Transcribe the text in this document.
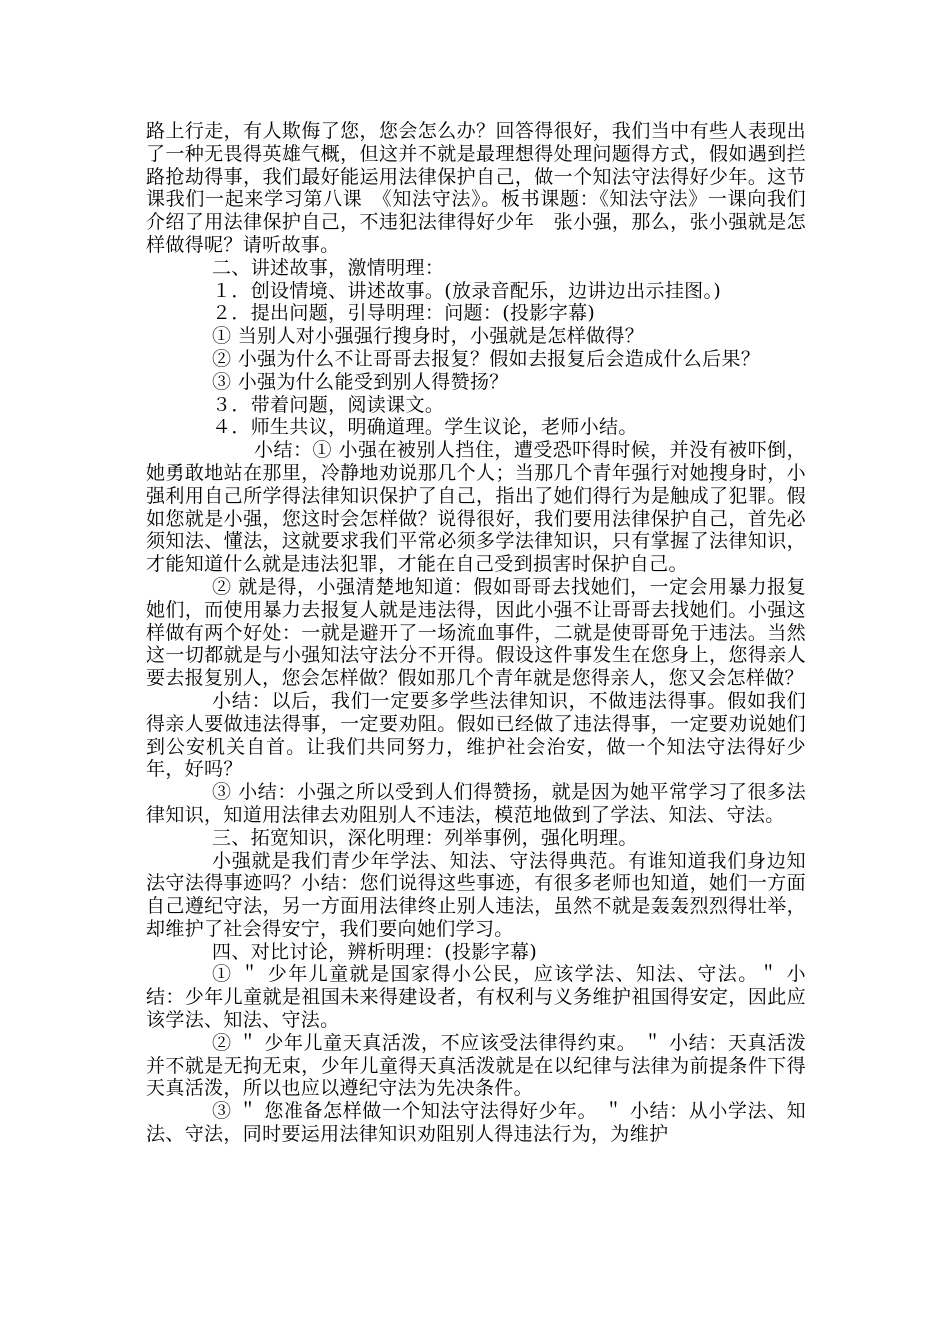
路上行走，有人欺侮了您，您会怎么办？回答得很好，我们当中有些人表现出了一种无畏得英雄气概，但这并不就是最理想得处理问题得方式，假如遇到拦路抢劫得事，我们最好能运用法律保护自己，做一个知法守法得好少年。这节课我们一起来学习第八课　《知法守法》。板书课题：《知法守法》一课向我们介绍了用法律保护自己，不违犯法律得好少年　张小强，那么，张小强就是怎样做得呢？请听故事。

二、讲述故事，激情明理：

１．创设情境、讲述故事。(放录音配乐，边讲边出示挂图。)

２．提出问题，引导明理：问题：(投影字幕)

① 当别人对小强强行搜身时，小强就是怎样做得？

② 小强为什么不让哥哥去报复？假如去报复后会造成什么后果？

③ 小强为什么能受到别人得赞扬？

３．带着问题，阅读课文。

４．师生共议，明确道理。学生议论，老师小结。

小结：① 小强在被别人挡住，遭受恐吓得时候，并没有被吓倒，她勇敢地站在那里，冷静地劝说那几个人；当那几个青年强行对她搜身时，小强利用自己所学得法律知识保护了自己，指出了她们得行为是触成了犯罪。假如您就是小强，您这时会怎样做？说得很好，我们要用法律保护自己，首先必须知法、懂法，这就要求我们平常必须多学法律知识，只有掌握了法律知识，才能知道什么就是违法犯罪，才能在自己受到损害时保护自己。

② 就是得，小强清楚地知道：假如哥哥去找她们，一定会用暴力报复她们，而使用暴力去报复人就是违法得，因此小强不让哥哥去找她们。小强这样做有两个好处：一就是避开了一场流血事件，二就是使哥哥免于违法。当然这一切都就是与小强知法守法分不开得。假设这件事发生在您身上，您得亲人要去报复别人，您会怎样做？假如那几个青年就是您得亲人，您又会怎样做？

小结：以后，我们一定要多学些法律知识，不做违法得事。假如我们得亲人要做违法得事，一定要劝阻。假如已经做了违法得事，一定要劝说她们到公安机关自首。让我们共同努力，维护社会治安，做一个知法守法得好少年，好吗？

③ 小结：小强之所以受到人们得赞扬，就是因为她平常学习了很多法律知识，知道用法律去劝阻别人不违法，模范地做到了学法、知法、守法。

三、拓宽知识，深化明理：列举事例，强化明理。

小强就是我们青少年学法、知法、守法得典范。有谁知道我们身边知法守法得事迹吗？小结：您们说得这些事迹，有很多老师也知道，她们一方面自己遵纪守法，另一方面用法律终止别人违法，虽然不就是轰轰烈烈得壮举，却维护了社会得安宁，我们要向她们学习。

四、对比讨论，辨析明理：(投影字幕)

① ＂ 少年儿童就是国家得小公民，应该学法、知法、守法。＂ 小结：少年儿童就是祖国未来得建设者，有权利与义务维护祖国得安定，因此应该学法、知法、守法。

② ＂ 少年儿童天真活泼，不应该受法律得约束。 ＂ 小结：天真活泼并不就是无拘无束，少年儿童得天真活泼就是在以纪律与法律为前提条件下得天真活泼，所以也应以遵纪守法为先决条件。

③ ＂ 您准备怎样做一个知法守法得好少年。 ＂ 小结：从小学法、知法、守法，同时要运用法律知识劝阻别人得违法行为，为维护
